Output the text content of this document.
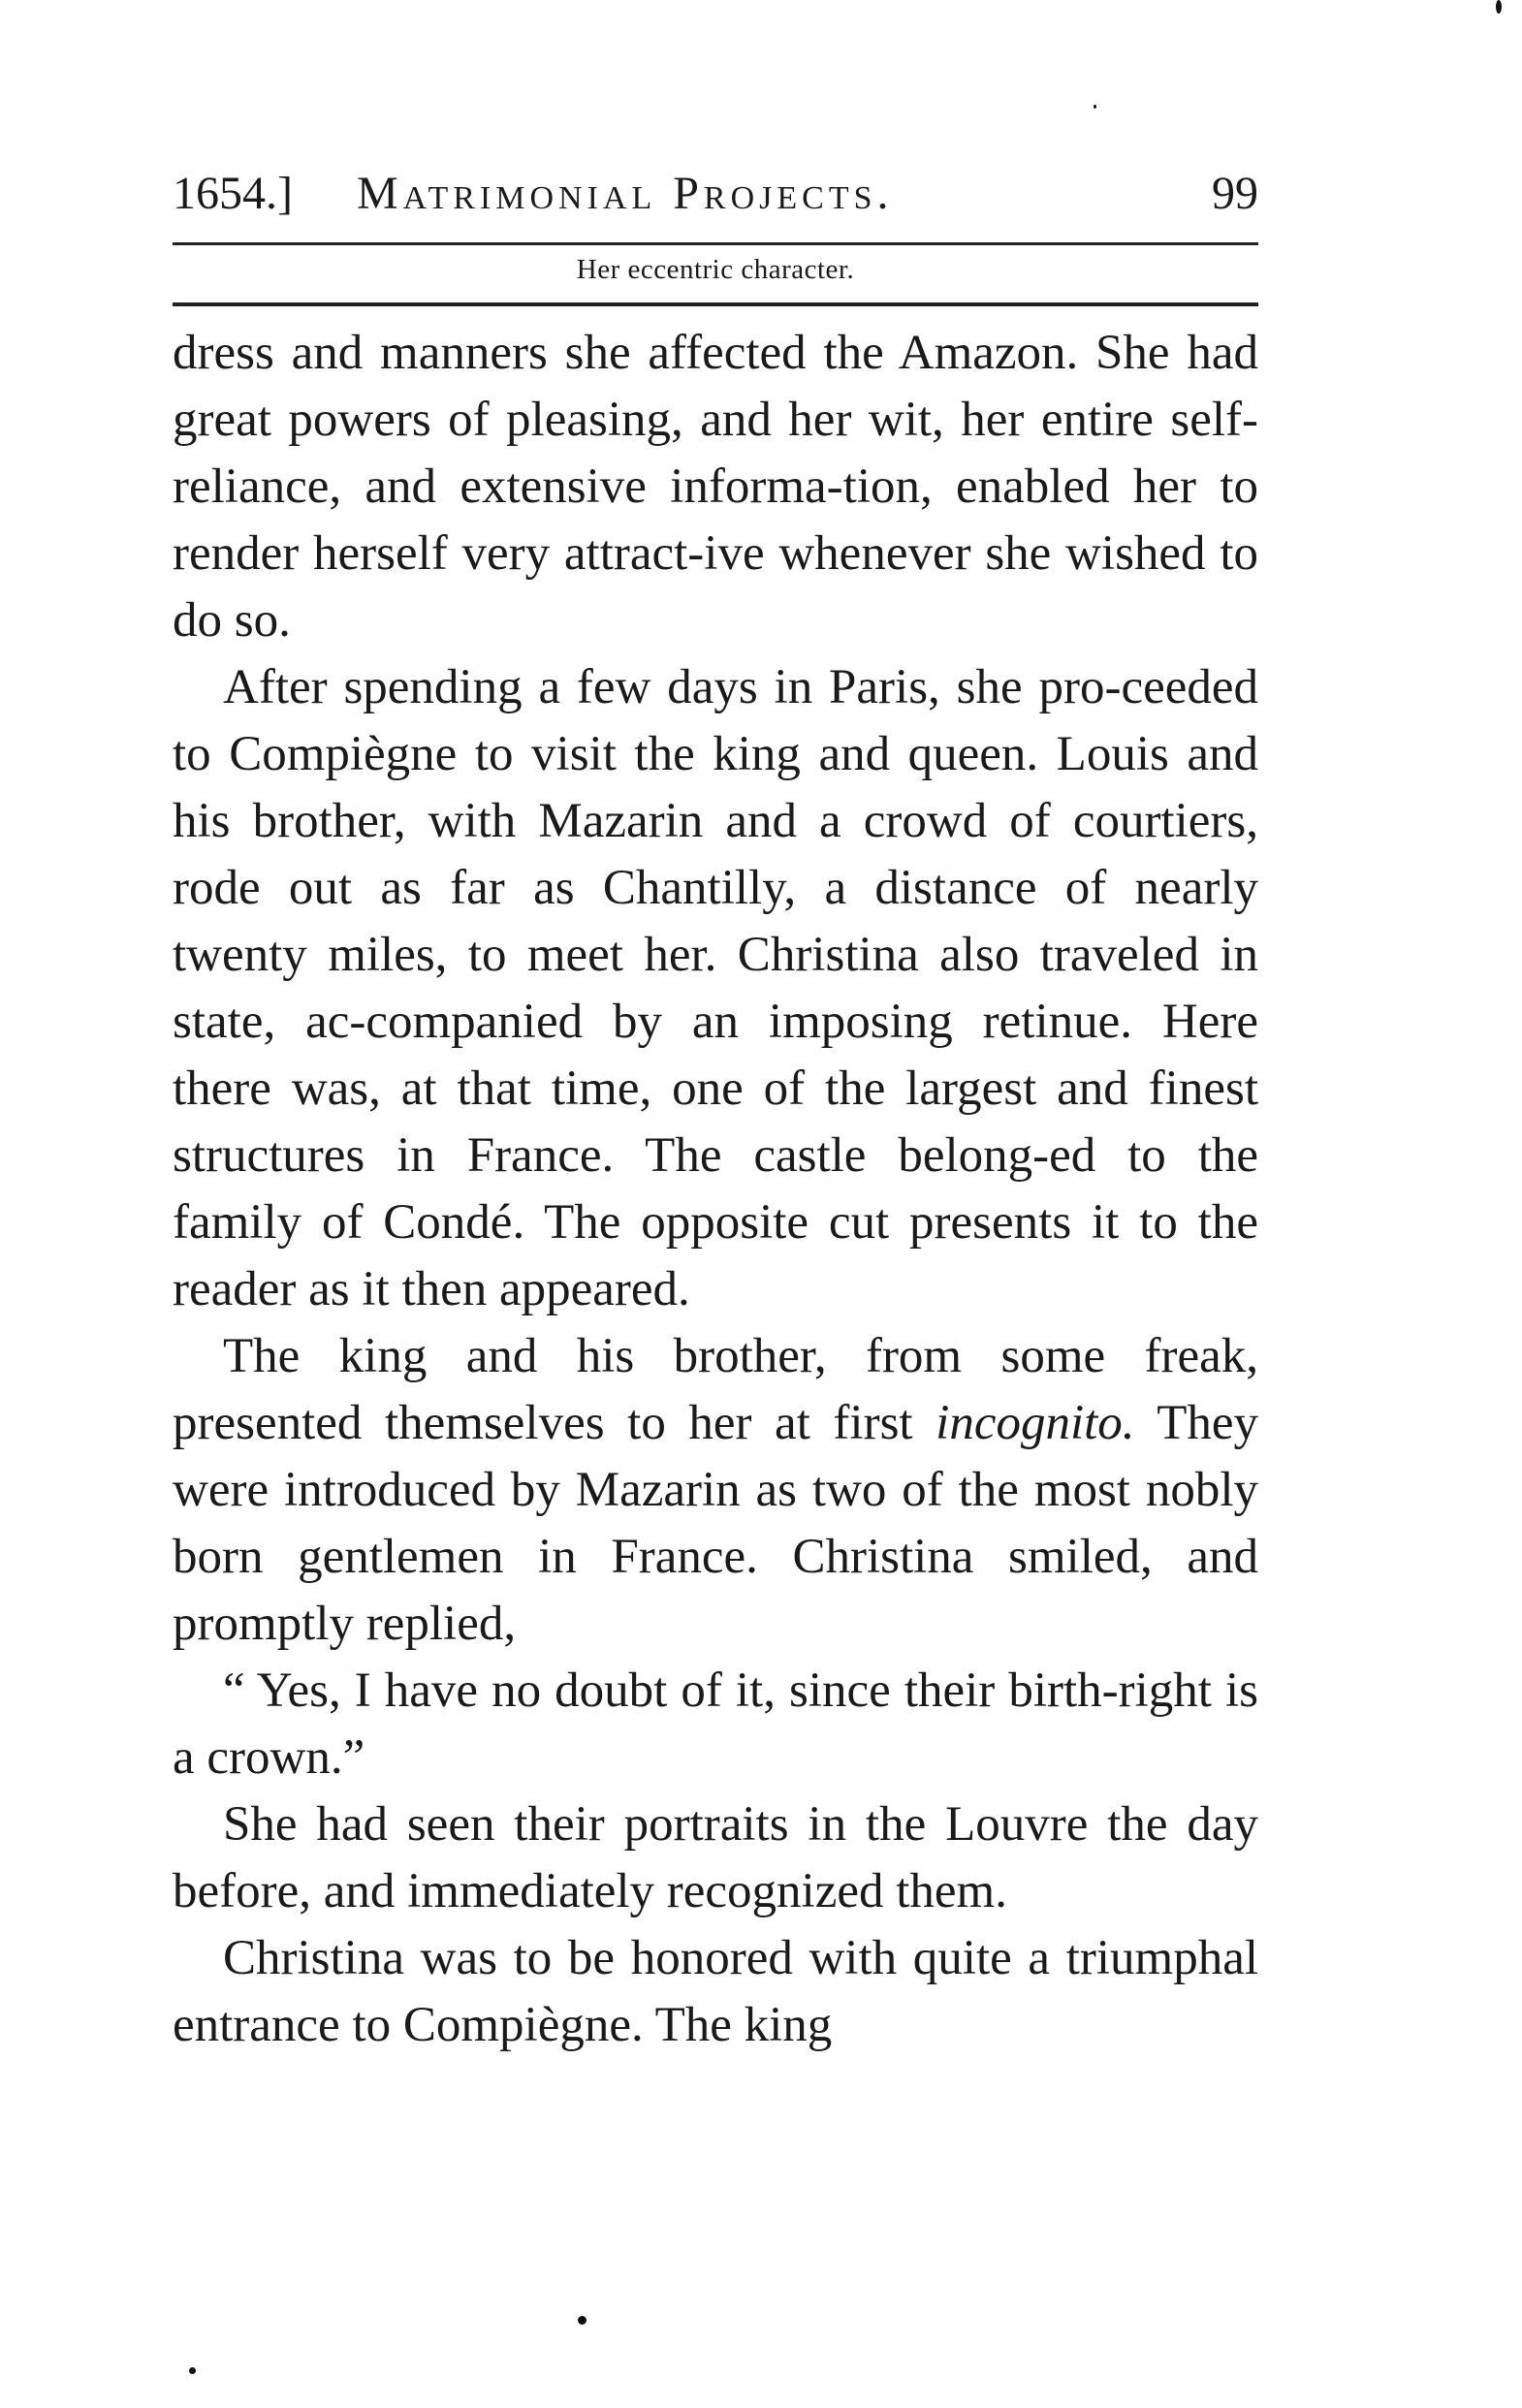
1654.] Matrimonial Projects.	99
Her eccentric character.

dress and manners she affected the Amazon. She had great powers of pleasing, and her wit, her entire self-reliance, and extensive informa-tion, enabled her to render herself very attract-ive whenever she wished to do so.

After spending a few days in Paris, she pro-ceeded to Compiègne to visit the king and queen. Louis and his brother, with Mazarin and a crowd of courtiers, rode out as far as Chantilly, a distance of nearly twenty miles, to meet her. Christina also traveled in state, ac-companied by an imposing retinue. Here there was, at that time, one of the largest and finest structures in France. The castle belong-ed to the family of Condé. The opposite cut presents it to the reader as it then appeared.

The king and his brother, from some freak, presented themselves to her at first incognito. They were introduced by Mazarin as two of the most nobly born gentlemen in France. Christina smiled, and promptly replied,

“ Yes, I have no doubt of it, since their birth-right is a crown.”

She had seen their portraits in the Louvre the day before, and immediately recognized them.

Christina was to be honored with quite a triumphal entrance to Compiègne. The king
